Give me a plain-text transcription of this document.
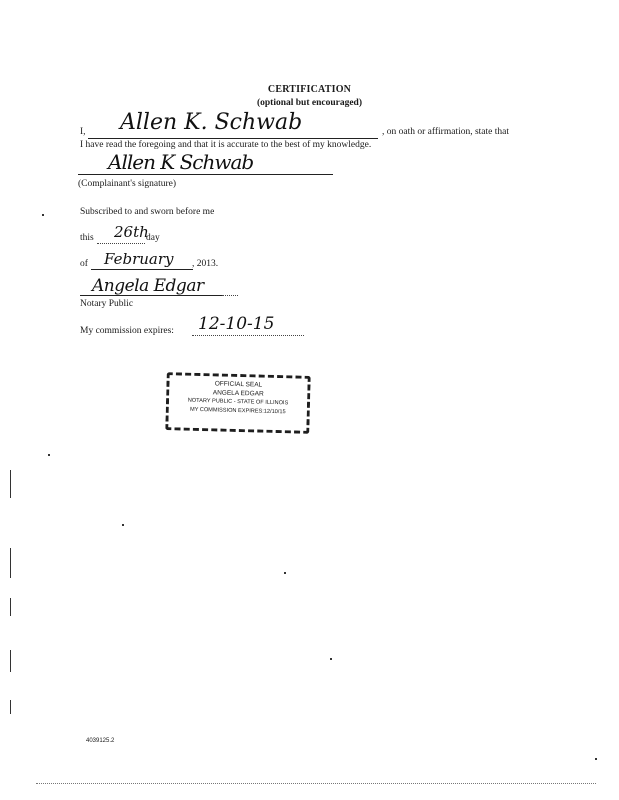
CERTIFICATION
(optional but encouraged)
I, Allen K. Schwab	, on oath or affirmation, state that
I have read the foregoing and that it is accurate to the best of my knowledge.
Allen K Schwab
(Complainant's signature)
Subscribed to and sworn before me
this 26th
day
of February , 2013.
Angela Edgar
Notary Public
My commission expires: 12-10-15
OFFICIAL SEAL
ANGELA EDGAR
NOTARY PUBLIC - STATE OF ILLINOIS
MY COMMISSION EXPIRES:12/10/15
4039125.2
